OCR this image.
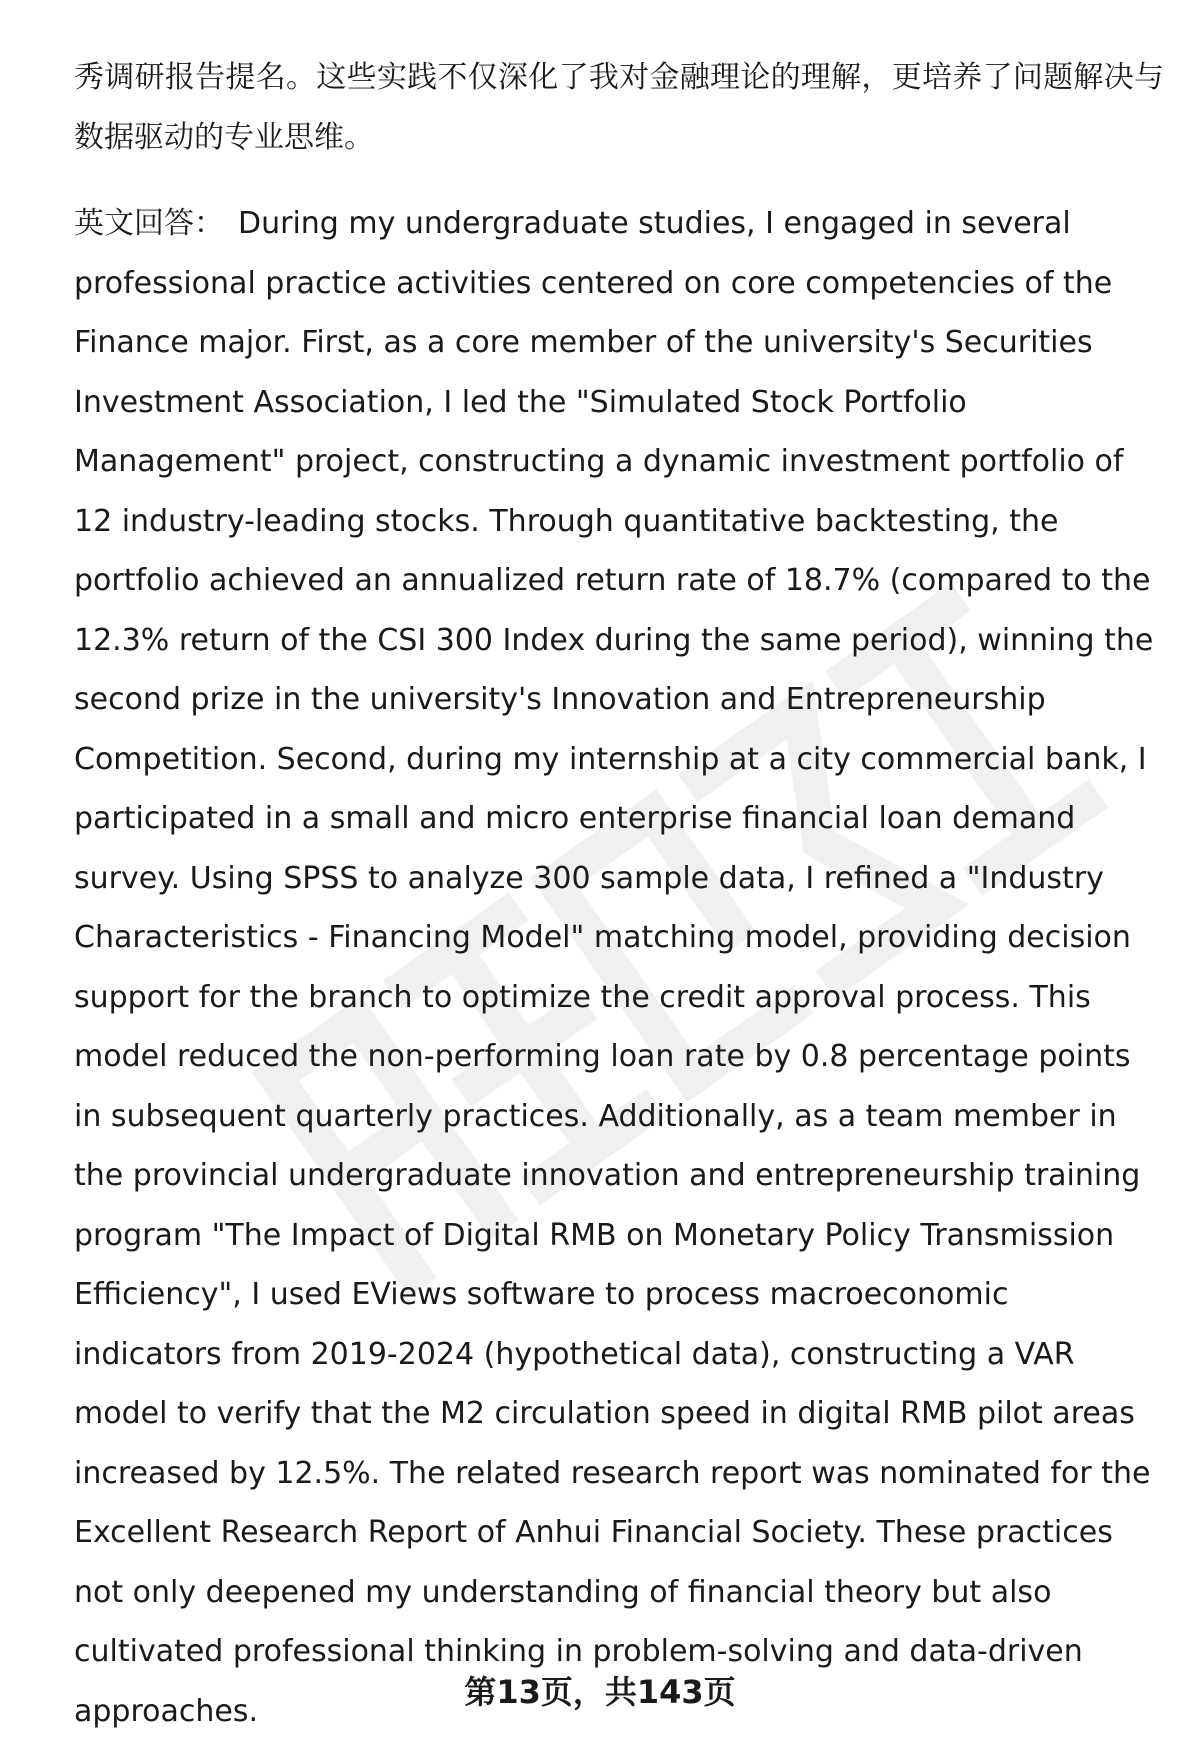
秀调研报告提名。这些实践不仅深化了我对金融理论的理解，更培养了问题解决与数据驱动的专业思维。

英文回答： During my undergraduate studies, I engaged in several professional practice activities centered on core competencies of the Finance major. First, as a core member of the university's Securities Investment Association, I led the "Simulated Stock Portfolio Management" project, constructing a dynamic investment portfolio of 12 industry-leading stocks. Through quantitative backtesting, the portfolio achieved an annualized return rate of 18.7% (compared to the 12.3% return of the CSI 300 Index during the same period), winning the second prize in the university's Innovation and Entrepreneurship Competition. Second, during my internship at a city commercial bank, I participated in a small and micro enterprise financial loan demand survey. Using SPSS to analyze 300 sample data, I refined a "Industry Characteristics - Financing Model" matching model, providing decision support for the branch to optimize the credit approval process. This model reduced the non-performing loan rate by 0.8 percentage points in subsequent quarterly practices. Additionally, as a team member in the provincial undergraduate innovation and entrepreneurship training program "The Impact of Digital RMB on Monetary Policy Transmission Efficiency", I used EViews software to process macroeconomic indicators from 2019-2024 (hypothetical data), constructing a VAR model to verify that the M2 circulation speed in digital RMB pilot areas increased by 12.5%. The related research report was nominated for the Excellent Research Report of Anhui Financial Society. These practices not only deepened my understanding of financial theory but also cultivated professional thinking in problem-solving and data-driven approaches.	第13页，共143页
